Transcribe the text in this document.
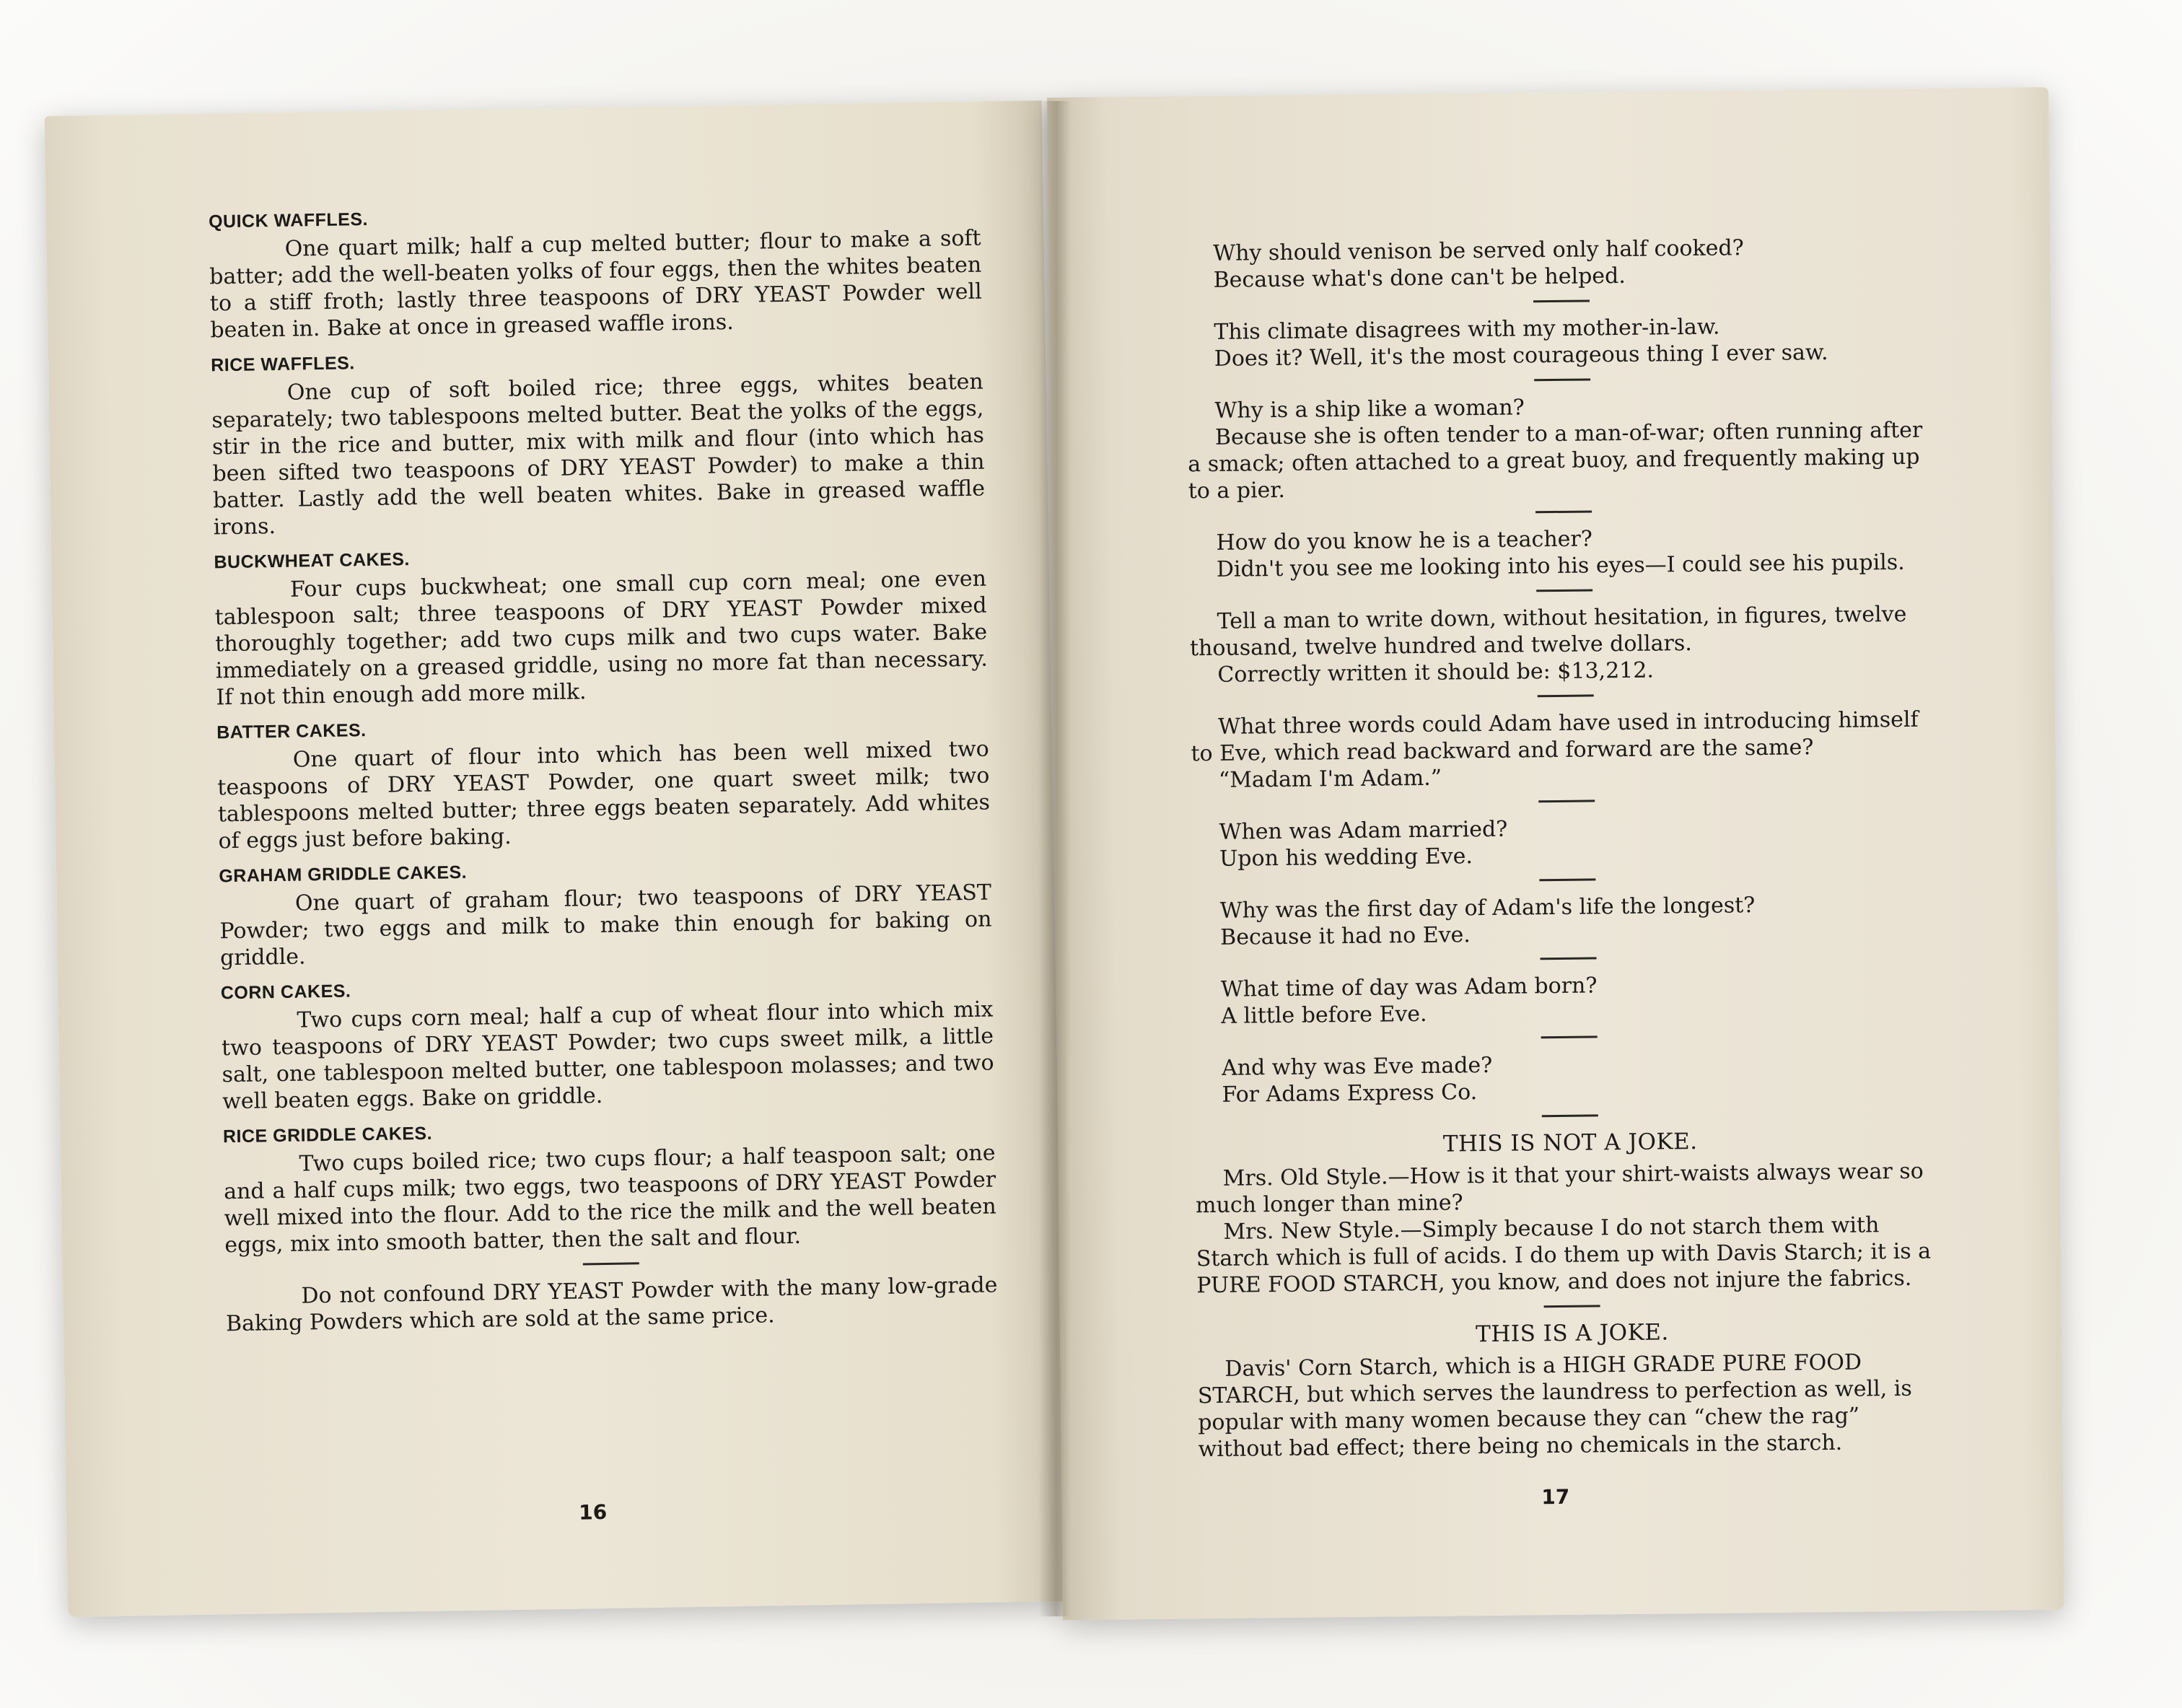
QUICK WAFFLES.

One quart milk; half a cup melted butter; flour to make a soft batter; add the well-beaten yolks of four eggs, then the whites beaten to a stiff froth; lastly three teaspoons of DRY YEAST Powder well beaten in. Bake at once in greased waffle irons.

RICE WAFFLES.

One cup of soft boiled rice; three eggs, whites beaten separately; two tablespoons melted butter. Beat the yolks of the eggs, stir in the rice and butter, mix with milk and flour (into which has been sifted two teaspoons of DRY YEAST Powder) to make a thin batter. Lastly add the well beaten whites. Bake in greased waffle irons.

BUCKWHEAT CAKES.

Four cups buckwheat; one small cup corn meal; one even tablespoon salt; three teaspoons of DRY YEAST Powder mixed thoroughly together; add two cups milk and two cups water. Bake immediately on a greased griddle, using no more fat than necessary. If not thin enough add more milk.

BATTER CAKES.

One quart of flour into which has been well mixed two teaspoons of DRY YEAST Powder, one quart sweet milk; two tablespoons melted butter; three eggs beaten separately. Add whites of eggs just before baking.

GRAHAM GRIDDLE CAKES.

One quart of graham flour; two teaspoons of DRY YEAST Powder; two eggs and milk to make thin enough for baking on griddle.

CORN CAKES.

Two cups corn meal; half a cup of wheat flour into which mix two teaspoons of DRY YEAST Powder; two cups sweet milk, a little salt, one tablespoon melted butter, one tablespoon molasses; and two well beaten eggs. Bake on griddle.

RICE GRIDDLE CAKES.

Two cups boiled rice; two cups flour; a half teaspoon salt; one and a half cups milk; two eggs, two teaspoons of DRY YEAST Powder well mixed into the flour. Add to the rice the milk and the well beaten eggs, mix into smooth batter, then the salt and flour.

Do not confound DRY YEAST Powder with the many low-grade Baking Powders which are sold at the same price.

16

Why should venison be served only half cooked?

Because what's done can't be helped.

This climate disagrees with my mother-in-law.

Does it? Well, it's the most courageous thing I ever saw.

Why is a ship like a woman?

Because she is often tender to a man-of-war; often running after a smack; often attached to a great buoy, and frequently making up to a pier.

How do you know he is a teacher?

Didn't you see me looking into his eyes—I could see his pupils.

Tell a man to write down, without hesitation, in figures, twelve thousand, twelve hundred and twelve dollars.

Correctly written it should be: $13,212.

What three words could Adam have used in introducing himself to Eve, which read backward and forward are the same?

“Madam I'm Adam.”

When was Adam married?

Upon his wedding Eve.

Why was the first day of Adam's life the longest?

Because it had no Eve.

What time of day was Adam born?

A little before Eve.

And why was Eve made?

For Adams Express Co.

THIS IS NOT A JOKE.

Mrs. Old Style.—How is it that your shirt-waists always wear so much longer than mine?

Mrs. New Style.—Simply because I do not starch them with Starch which is full of acids. I do them up with Davis Starch; it is a PURE FOOD STARCH, you know, and does not injure the fabrics.

THIS IS A JOKE.

Davis' Corn Starch, which is a HIGH GRADE PURE FOOD STARCH, but which serves the laundress to perfection as well, is popular with many women because they can “chew the rag” without bad effect; there being no chemicals in the starch.

17
